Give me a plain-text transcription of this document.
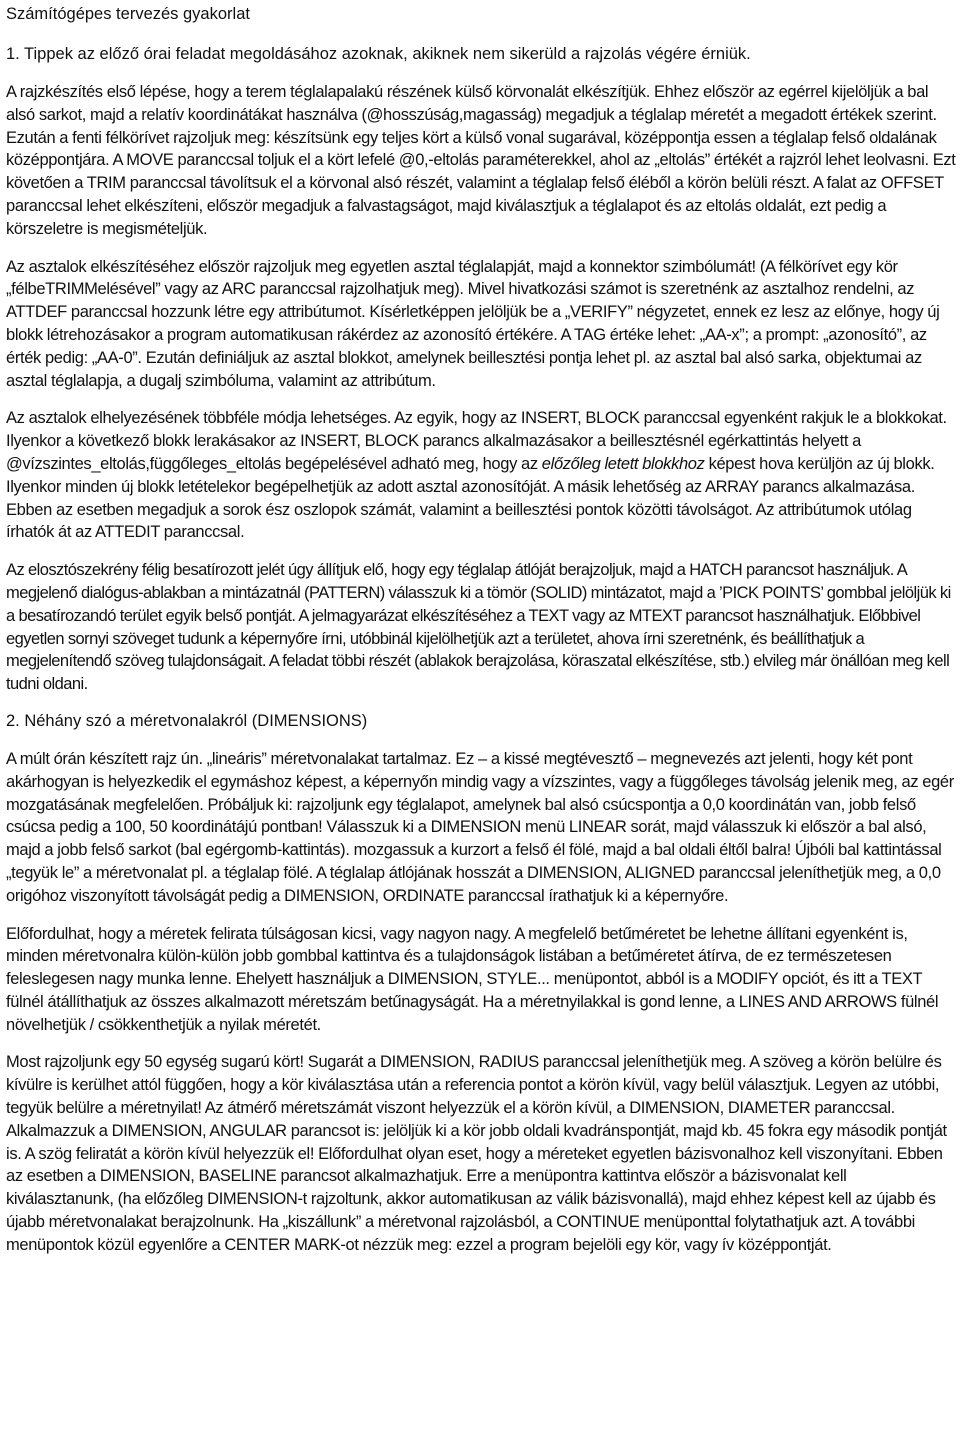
Számítógépes tervezés gyakorlat
1. Tippek az előző órai feladat megoldásához azoknak, akiknek nem sikerüld a rajzolás végére érniük.

A rajzkészítés első lépése, hogy a terem téglalapalakú részének külső körvonalát elkészítjük. Ehhez először az egérrel kijelöljük a bal alsó sarkot, majd a relatív koordinátákat használva (@hosszúság,magasság) megadjuk a téglalap méretét a megadott értékek szerint. Ezután a fenti félkörívet rajzoljuk meg: készítsünk egy teljes kört a külső vonal sugarával, középpontja essen a téglalap felső oldalának középpontjára. A MOVE paranccsal toljuk el a kört lefelé @0,-eltolás paraméterekkel, ahol az „eltolás” értékét a rajzról lehet leolvasni. Ezt követően a TRIM paranccsal távolítsuk el a körvonal alsó részét, valamint a téglalap felső éléből a körön belüli részt. A falat az OFFSET paranccsal lehet elkészíteni, először megadjuk a falvastagságot, majd kiválasztjuk a téglalapot és az eltolás oldalát, ezt pedig a körszeletre is megismételjük.

Az asztalok elkészítéséhez először rajzoljuk meg egyetlen asztal téglalapját, majd a konnektor szimbólumát! (A félkörívet egy kör „félbeTRIMMelésével” vagy az ARC paranccsal rajzolhatjuk meg). Mivel hivatkozási számot is szeretnénk az asztalhoz rendelni, az ATTDEF paranccsal hozzunk létre egy attribútumot. Kísérletképpen jelöljük be a „VERIFY” négyzetet, ennek ez lesz az előnye, hogy új blokk létrehozásakor a program automatikusan rákérdez az azonosító értékére. A TAG értéke lehet: „AA-x”; a prompt: „azonosító”, az érték pedig: „AA-0”. Ezután definiáljuk az asztal blokkot, amelynek beillesztési pontja lehet pl. az asztal bal alsó sarka, objektumai az asztal téglalapja, a dugalj szimbóluma, valamint az attribútum.

Az asztalok elhelyezésének többféle módja lehetséges. Az egyik, hogy az INSERT, BLOCK paranccsal egyenként rakjuk le a blokkokat. Ilyenkor a következő blokk lerakásakor az INSERT, BLOCK parancs alkalmazásakor a beillesztésnél egérkattintás helyett a @vízszintes_eltolás,függőleges_eltolás begépelésével adható meg, hogy az előzőleg letett blokkhoz képest hova kerüljön az új blokk. Ilyenkor minden új blokk letételekor begépelhetjük az adott asztal azonosítóját. A másik lehetőség az ARRAY parancs alkalmazása. Ebben az esetben megadjuk a sorok ész oszlopok számát, valamint a beillesztési pontok közötti távolságot. Az attribútumok utólag írhatók át az ATTEDIT paranccsal.

Az elosztószekrény félig besatírozott jelét úgy állítjuk elő, hogy egy téglalap átlóját berajzoljuk, majd a HATCH parancsot használjuk. A megjelenő dialógus-ablakban a mintázatnál (PATTERN) válasszuk ki a tömör (SOLID) mintázatot, majd a ’PICK POINTS’ gombbal jelöljük ki a besatírozandó terület egyik belső pontját. A jelmagyarázat elkészítéséhez a TEXT vagy az MTEXT parancsot használhatjuk. Előbbivel egyetlen sornyi szöveget tudunk a képernyőre írni, utóbbinál kijelölhetjük azt a területet, ahova írni szeretnénk, és beállíthatjuk a megjelenítendő szöveg tulajdonságait. A feladat többi részét (ablakok berajzolása, köraszatal elkészítése, stb.) elvileg már önállóan meg kell tudni oldani.

2. Néhány szó a méretvonalakról (DIMENSIONS)

A múlt órán készített rajz ún. „lineáris” méretvonalakat tartalmaz. Ez – a kissé megtévesztő – megnevezés azt jelenti, hogy két pont akárhogyan is helyezkedik el egymáshoz képest, a képernyőn mindig vagy a vízszintes, vagy a függőleges távolság jelenik meg, az egér mozgatásának megfelelően. Próbáljuk ki: rajzoljunk egy téglalapot, amelynek bal alsó csúcspontja a 0,0 koordinátán van, jobb felső csúcsa pedig a 100, 50 koordinátájú pontban! Válasszuk ki a DIMENSION menü LINEAR sorát, majd válasszuk ki először a bal alsó, majd a jobb felső sarkot (bal egérgomb-kattintás). mozgassuk a kurzort a felső él fölé, majd a bal oldali éltől balra! Újbóli bal kattintással „tegyük le” a méretvonalat pl. a téglalap fölé. A téglalap átlójának hosszát a DIMENSION, ALIGNED paranccsal jeleníthetjük meg, a 0,0 origóhoz viszonyított távolságát pedig a DIMENSION, ORDINATE paranccsal írathatjuk ki a képernyőre.

Előfordulhat, hogy a méretek felirata túlságosan kicsi, vagy nagyon nagy. A megfelelő betűméretet be lehetne állítani egyenként is, minden méretvonalra külön-külön jobb gombbal kattintva és a tulajdonságok listában a betűméretet átírva, de ez természetesen feleslegesen nagy munka lenne. Ehelyett használjuk a DIMENSION, STYLE... menüpontot, abból is a MODIFY opciót, és itt a TEXT fülnél átállíthatjuk az összes alkalmazott méretszám betűnagyságát. Ha a méretnyilakkal is gond lenne, a LINES AND ARROWS fülnél növelhetjük / csökkenthetjük a nyilak méretét.

Most rajzoljunk egy 50 egység sugarú kört! Sugarát a DIMENSION, RADIUS paranccsal jeleníthetjük meg. A szöveg a körön belülre és kívülre is kerülhet attól függően, hogy a kör kiválasztása után a referencia pontot a körön kívül, vagy belül választjuk. Legyen az utóbbi, tegyük belülre a méretnyilat! Az átmérő méretszámát viszont helyezzük el a körön kívül, a DIMENSION, DIAMETER paranccsal. Alkalmazzuk a DIMENSION, ANGULAR parancsot is: jelöljük ki a kör jobb oldali kvadránspontját, majd kb. 45 fokra egy második pontját is. A szög feliratát a körön kívül helyezzük el! Előfordulhat olyan eset, hogy a méreteket egyetlen bázisvonalhoz kell viszonyítani. Ebben az esetben a DIMENSION, BASELINE parancsot alkalmazhatjuk. Erre a menüpontra kattintva először a bázisvonalat kell kiválasztanunk, (ha előzőleg DIMENSION-t rajzoltunk, akkor automatikusan az válik bázisvonallá), majd ehhez képest kell az újabb és újabb méretvonalakat berajzolnunk. Ha „kiszállunk” a méretvonal rajzolásból, a CONTINUE menüponttal folytathatjuk azt. A további menüpontok közül egyenlőre a CENTER MARK-ot nézzük meg: ezzel a program bejelöli egy kör, vagy ív középpontját.
